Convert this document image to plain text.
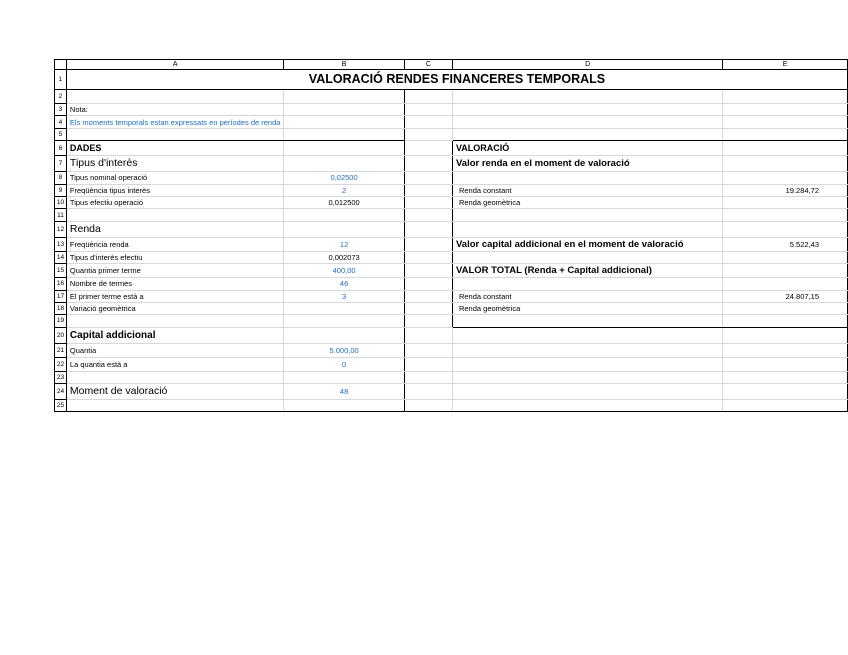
	A	B	C	D	E
1	VALORACIÓ RENDES FINANCERES TEMPORALS				
2					
3	Nota:				
4	Els moments temporals estan expressats en períodes de renda				
5					
6	DADES			VALORACIÓ	
7	Tipus d'interès			Valor renda en el moment de valoració	
8	Tipus nominal operació	0,02500			
9	Freqüència tipus interès	2		Renda constant	19.284,72
10	Tipus efectiu operació	0,012500		Renda geomètrica	
11					
12	Renda				
13	Freqüència renda	12		Valor capital addicional en el moment de valoració	5.522,43
14	Tipus d'interès efectiu	0,002073			
15	Quantia primer terme	400,00		VALOR TOTAL (Renda + Capital addicional)	
16	Nombre de termes	46			
17	El primer terme està a	3		Renda constant	24.807,15
18	Variació geomètrica			Renda geomètrica	
19					
20	Capital addicional				
21	Quantia	5.000,00			
22	La quantia està a	0			
23					
24	Moment de valoració	48			
25					
